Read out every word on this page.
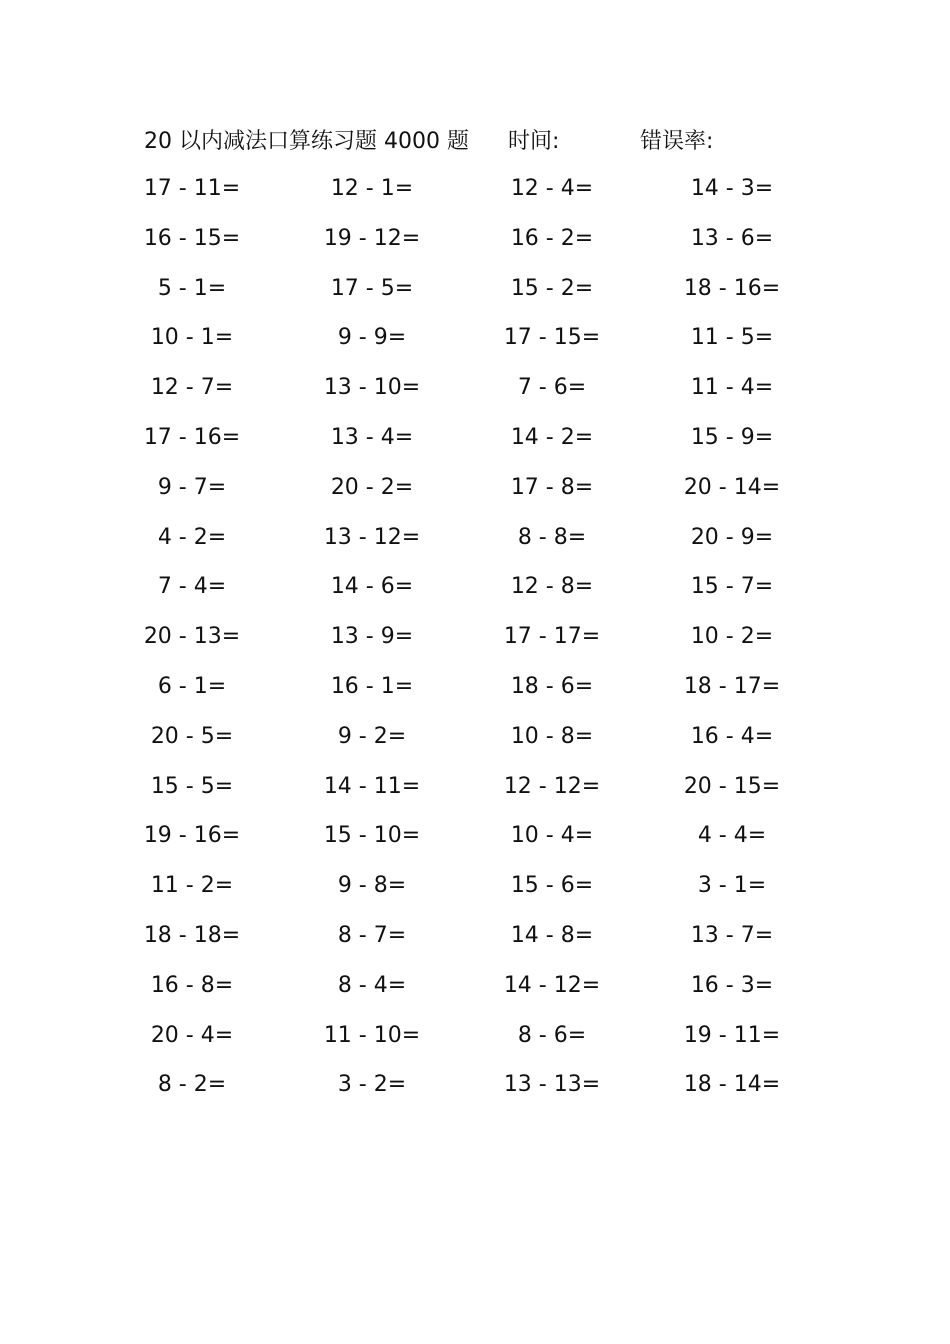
20 以内减法口算练习题 4000 题 时间:	错误率:
17 - 11=	12 - 1=	12 - 4=	14 - 3=
16 - 15=	19 - 12=	16 - 2=	13 - 6=
5 - 1=	17 - 5=	15 - 2=	18 - 16=
10 - 1=	9 - 9=	17 - 15=	11 - 5=
12 - 7=	13 - 10=	7 - 6=	11 - 4=
17 - 16=	13 - 4=	14 - 2=	15 - 9=
9 - 7=	20 - 2=	17 - 8=	20 - 14=
4 - 2=	13 - 12=	8 - 8=	20 - 9=
7 - 4=	14 - 6=	12 - 8=	15 - 7=
20 - 13=	13 - 9=	17 - 17=	10 - 2=
6 - 1=	16 - 1=	18 - 6=	18 - 17=
20 - 5=	9 - 2=	10 - 8=	16 - 4=
15 - 5=	14 - 11=	12 - 12=	20 - 15=
19 - 16=	15 - 10=	10 - 4=	4 - 4=
11 - 2=	9 - 8=	15 - 6=	3 - 1=
18 - 18=	8 - 7=	14 - 8=	13 - 7=
16 - 8=	8 - 4=	14 - 12=	16 - 3=
20 - 4=	11 - 10=	8 - 6=	19 - 11=
8 - 2=	3 - 2=	13 - 13=	18 - 14=
